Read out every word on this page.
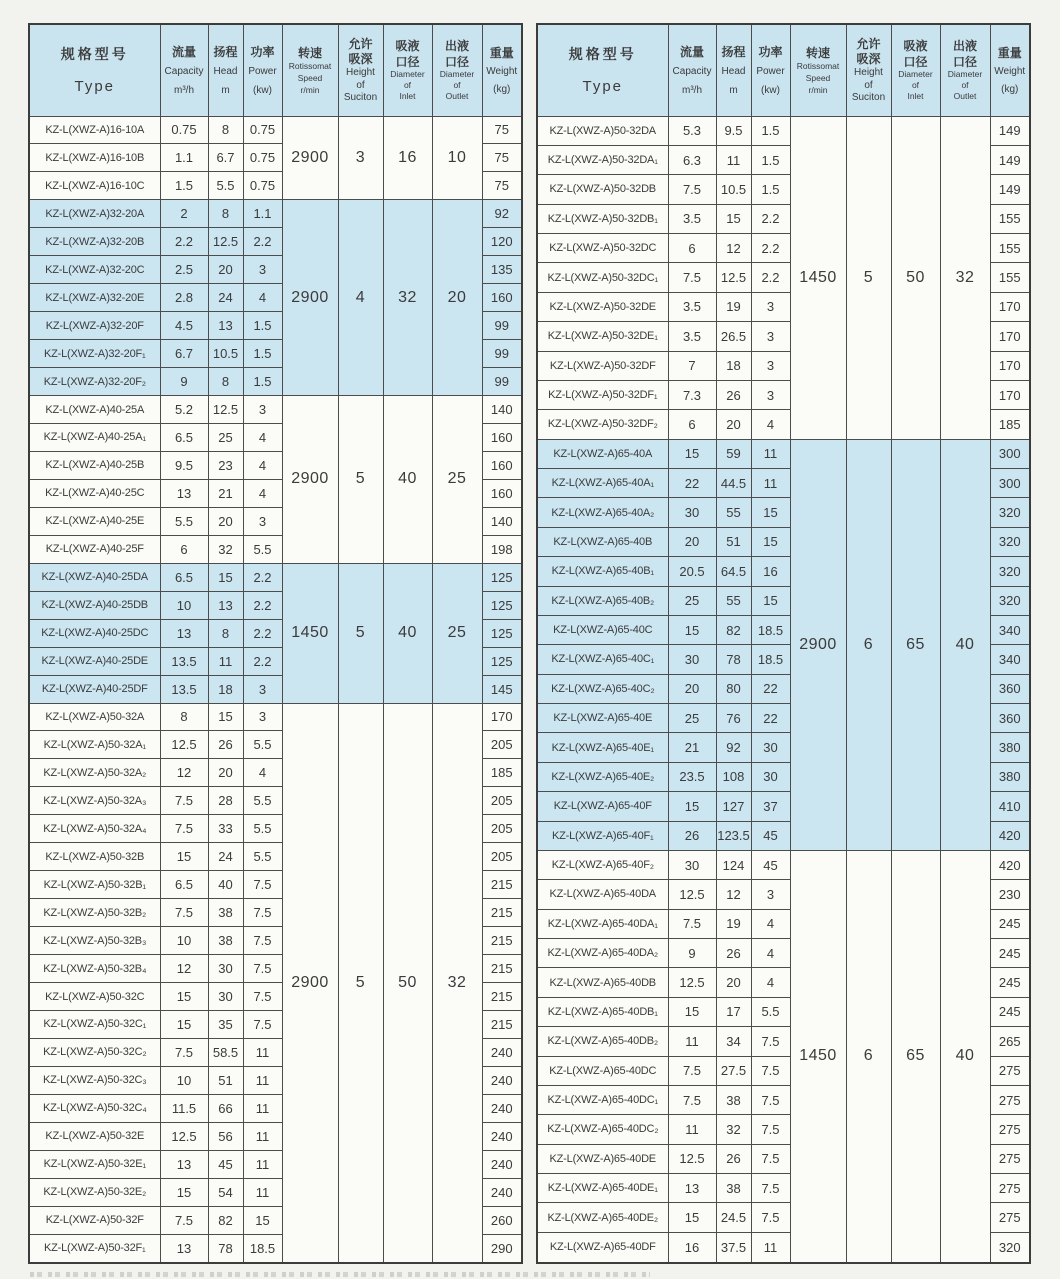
规格型号
Type

流量
Capacity
m³/h

扬程
Head
m

功率
Power
(kw)

转速
Rotissomat
Speed
r/min

允许
吸深
Height
of
Suciton

吸液
口径
Diameter
of
Inlet

出液
口径
Diameter
of
Outlet

重量
Weight
(kg)

KZ-L(XWZ-A)16-10A	0.75	8	0.75	2900	3	16	10	75
KZ-L(XWZ-A)16-10B	1.1	6.7	0.75					75
KZ-L(XWZ-A)16-10C	1.5	5.5	0.75					75
KZ-L(XWZ-A)32-20A	2	8	1.1	2900	4	32	20	92
KZ-L(XWZ-A)32-20B	2.2	12.5	2.2					120
KZ-L(XWZ-A)32-20C	2.5	20	3					135
KZ-L(XWZ-A)32-20E	2.8	24	4					160
KZ-L(XWZ-A)32-20F	4.5	13	1.5					99
KZ-L(XWZ-A)32-20F₁	6.7	10.5	1.5					99
KZ-L(XWZ-A)32-20F₂	9	8	1.5					99
KZ-L(XWZ-A)40-25A	5.2	12.5	3	2900	5	40	25	140
KZ-L(XWZ-A)40-25A₁	6.5	25	4					160
KZ-L(XWZ-A)40-25B	9.5	23	4					160
KZ-L(XWZ-A)40-25C	13	21	4					160
KZ-L(XWZ-A)40-25E	5.5	20	3					140
KZ-L(XWZ-A)40-25F	6	32	5.5					198
KZ-L(XWZ-A)40-25DA	6.5	15	2.2	1450	5	40	25	125
KZ-L(XWZ-A)40-25DB	10	13	2.2					125
KZ-L(XWZ-A)40-25DC	13	8	2.2					125
KZ-L(XWZ-A)40-25DE	13.5	11	2.2					125
KZ-L(XWZ-A)40-25DF	13.5	18	3					145
KZ-L(XWZ-A)50-32A	8	15	3	2900	5	50	32	170
KZ-L(XWZ-A)50-32A₁	12.5	26	5.5					205
KZ-L(XWZ-A)50-32A₂	12	20	4					185
KZ-L(XWZ-A)50-32A₃	7.5	28	5.5					205
KZ-L(XWZ-A)50-32A₄	7.5	33	5.5					205
KZ-L(XWZ-A)50-32B	15	24	5.5					205
KZ-L(XWZ-A)50-32B₁	6.5	40	7.5					215
KZ-L(XWZ-A)50-32B₂	7.5	38	7.5					215
KZ-L(XWZ-A)50-32B₃	10	38	7.5					215
KZ-L(XWZ-A)50-32B₄	12	30	7.5					215
KZ-L(XWZ-A)50-32C	15	30	7.5					215
KZ-L(XWZ-A)50-32C₁	15	35	7.5					215
KZ-L(XWZ-A)50-32C₂	7.5	58.5	11					240
KZ-L(XWZ-A)50-32C₃	10	51	11					240
KZ-L(XWZ-A)50-32C₄	11.5	66	11					240
KZ-L(XWZ-A)50-32E	12.5	56	11					240
KZ-L(XWZ-A)50-32E₁	13	45	11					240
KZ-L(XWZ-A)50-32E₂	15	54	11					240
KZ-L(XWZ-A)50-32F	7.5	82	15					260
KZ-L(XWZ-A)50-32F₁	13	78	18.5					290
规格型号
Type

流量
Capacity
m³/h

扬程
Head
m

功率
Power
(kw)

转速
Rotissomat
Speed
r/min

允许
吸深
Height
of
Suciton

吸液
口径
Diameter
of
Inlet

出液
口径
Diameter
of
Outlet

重量
Weight
(kg)

KZ-L(XWZ-A)50-32DA	5.3	9.5	1.5	1450	5	50	32	149
KZ-L(XWZ-A)50-32DA₁	6.3	11	1.5					149
KZ-L(XWZ-A)50-32DB	7.5	10.5	1.5					149
KZ-L(XWZ-A)50-32DB₁	3.5	15	2.2					155
KZ-L(XWZ-A)50-32DC	6	12	2.2					155
KZ-L(XWZ-A)50-32DC₁	7.5	12.5	2.2					155
KZ-L(XWZ-A)50-32DE	3.5	19	3					170
KZ-L(XWZ-A)50-32DE₁	3.5	26.5	3					170
KZ-L(XWZ-A)50-32DF	7	18	3					170
KZ-L(XWZ-A)50-32DF₁	7.3	26	3					170
KZ-L(XWZ-A)50-32DF₂	6	20	4					185
KZ-L(XWZ-A)65-40A	15	59	11	2900	6	65	40	300
KZ-L(XWZ-A)65-40A₁	22	44.5	11					300
KZ-L(XWZ-A)65-40A₂	30	55	15					320
KZ-L(XWZ-A)65-40B	20	51	15					320
KZ-L(XWZ-A)65-40B₁	20.5	64.5	16					320
KZ-L(XWZ-A)65-40B₂	25	55	15					320
KZ-L(XWZ-A)65-40C	15	82	18.5					340
KZ-L(XWZ-A)65-40C₁	30	78	18.5					340
KZ-L(XWZ-A)65-40C₂	20	80	22					360
KZ-L(XWZ-A)65-40E	25	76	22					360
KZ-L(XWZ-A)65-40E₁	21	92	30					380
KZ-L(XWZ-A)65-40E₂	23.5	108	30					380
KZ-L(XWZ-A)65-40F	15	127	37					410
KZ-L(XWZ-A)65-40F₁	26	123.5	45					420
KZ-L(XWZ-A)65-40F₂	30	124	45	1450	6	65	40	420
KZ-L(XWZ-A)65-40DA	12.5	12	3					230
KZ-L(XWZ-A)65-40DA₁	7.5	19	4					245
KZ-L(XWZ-A)65-40DA₂	9	26	4					245
KZ-L(XWZ-A)65-40DB	12.5	20	4					245
KZ-L(XWZ-A)65-40DB₁	15	17	5.5					245
KZ-L(XWZ-A)65-40DB₂	11	34	7.5					265
KZ-L(XWZ-A)65-40DC	7.5	27.5	7.5					275
KZ-L(XWZ-A)65-40DC₁	7.5	38	7.5					275
KZ-L(XWZ-A)65-40DC₂	11	32	7.5					275
KZ-L(XWZ-A)65-40DE	12.5	26	7.5					275
KZ-L(XWZ-A)65-40DE₁	13	38	7.5					275
KZ-L(XWZ-A)65-40DE₂	15	24.5	7.5					275
KZ-L(XWZ-A)65-40DF	16	37.5	11					320
